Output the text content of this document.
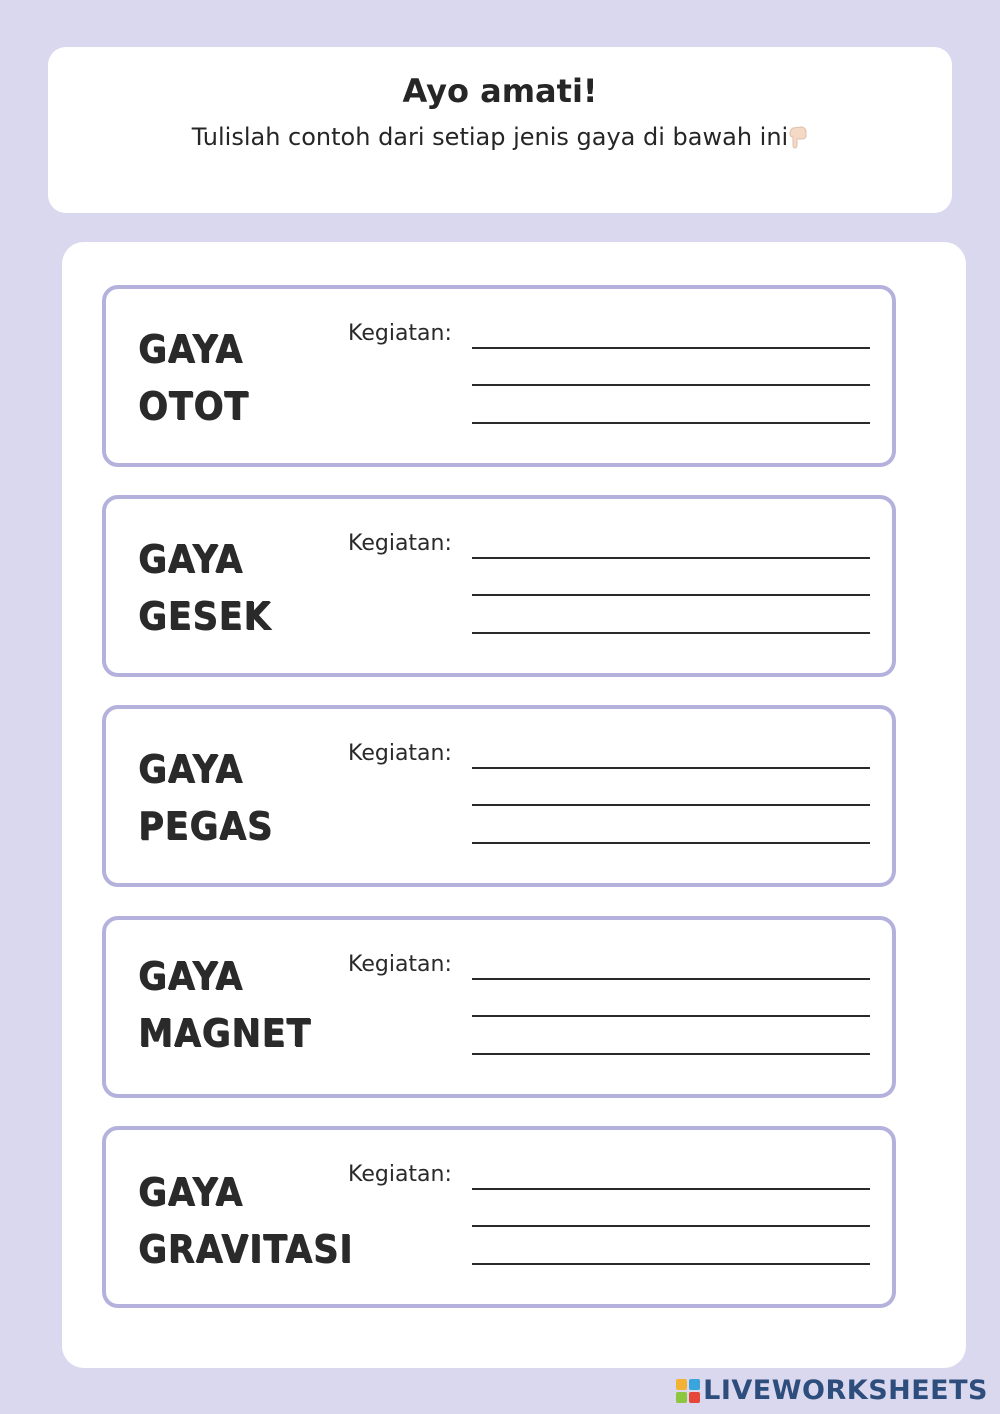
Ayo amati!
Tulislah contoh dari setiap jenis gaya di bawah ini
GAYA
OTOT
Kegiatan:
GAYA
GESEK
Kegiatan:
GAYA
PEGAS
Kegiatan:
GAYA
MAGNET
Kegiatan:
GAYA
GRAVITASI
Kegiatan:
LIVEWORKSHEETS
